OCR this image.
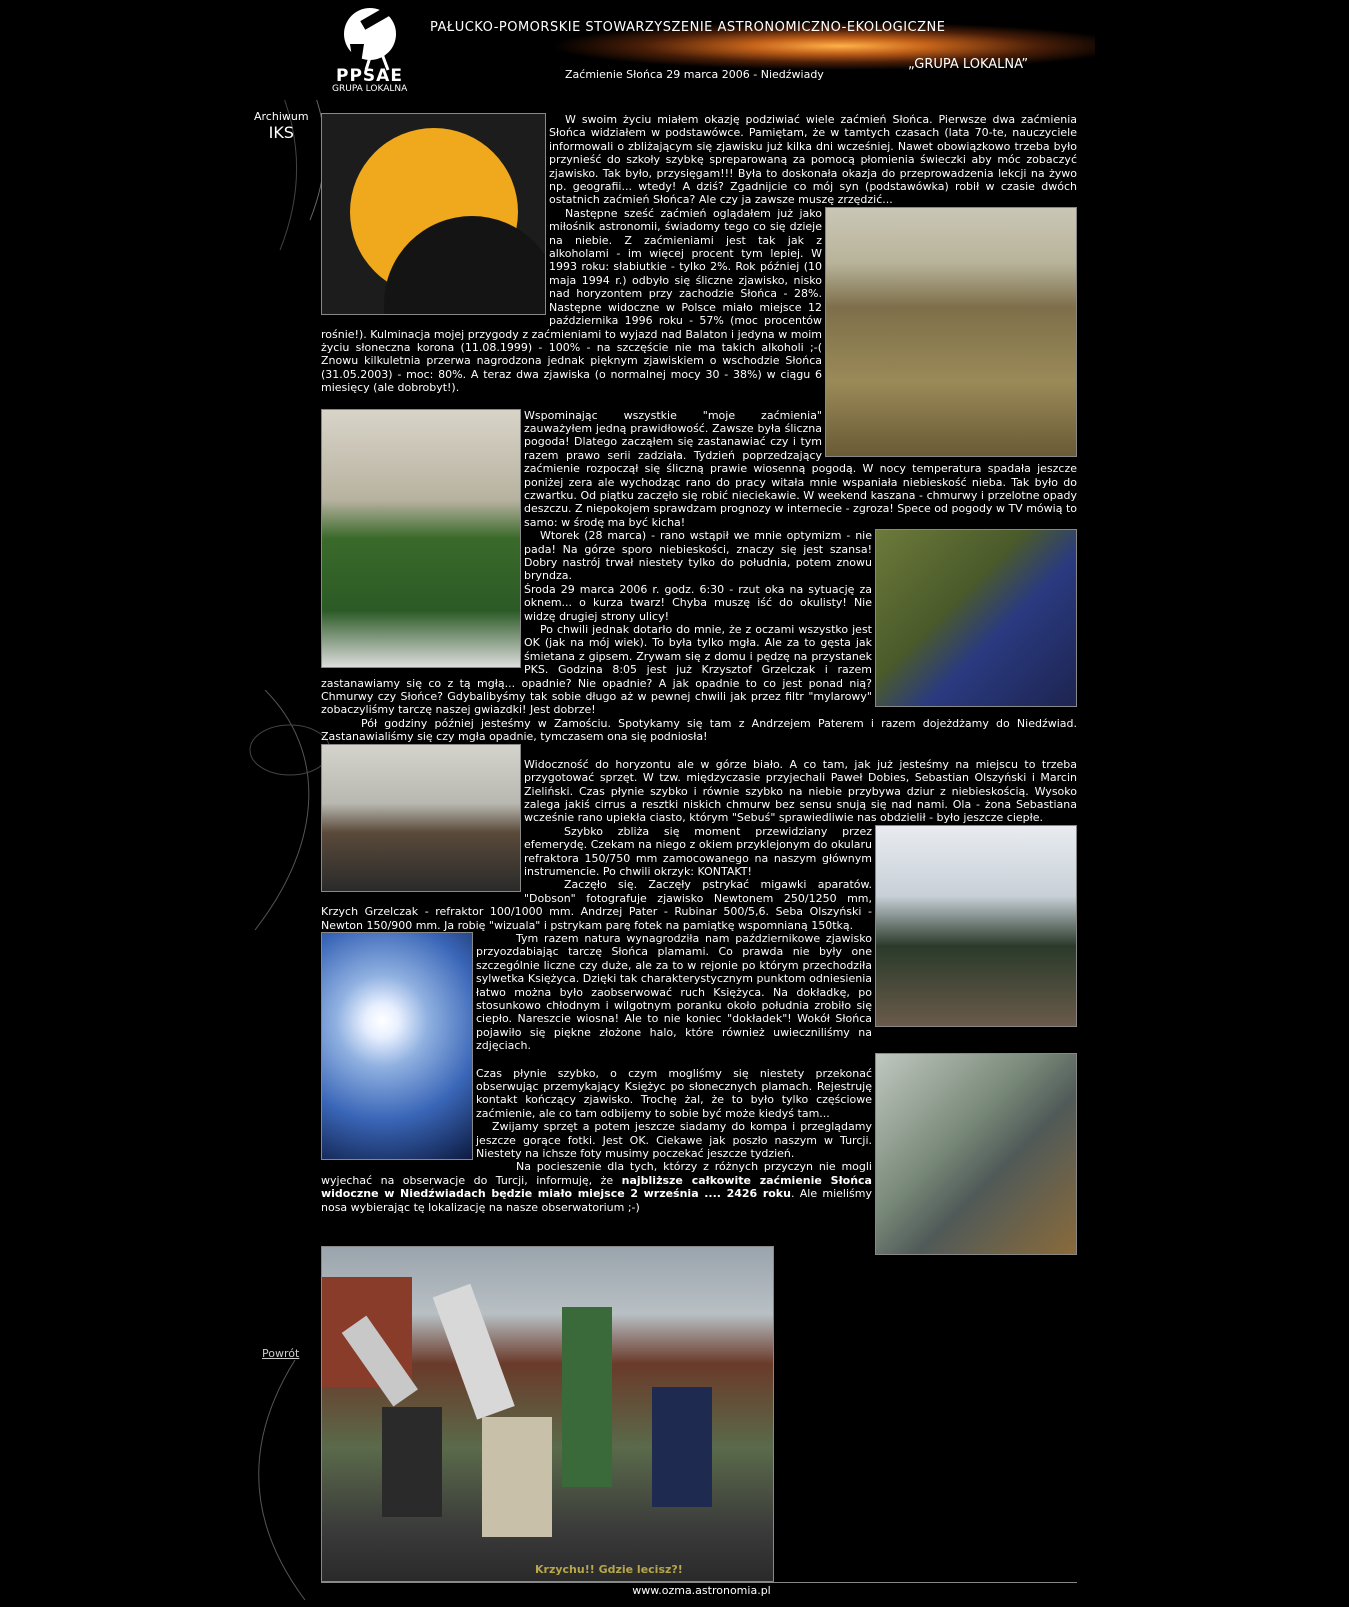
PPSAE
GRUPA LOKALNA
PAŁUCKO-POMORSKIE STOWARZYSZENIE ASTRONOMICZNO-EKOLOGICZNE
„GRUPA LOKALNA”
Zaćmienie Słońca 29 marca 2006 - Niedźwiady
Archiwum
IKS
Powrót

W swoim życiu miałem okazję podziwiać wiele zaćmień Słońca. Pierwsze dwa zaćmienia Słońca widziałem w podstawówce. Pamiętam, że w tamtych czasach (lata 70-te, nauczyciele informowali o zbliżającym się zjawisku już kilka dni wcześniej. Nawet obowiązkowo trzeba było przynieść do szkoły szybkę spreparowaną za pomocą płomienia świeczki aby móc zobaczyć zjawisko. Tak było, przysięgam!!! Była to doskonała okazja do przeprowadzenia lekcji na żywo np. geografii... wtedy! A dziś? Zgadnijcie co mój syn (podstawówka) robił w czasie dwóch ostatnich zaćmień Słońca? Ale czy ja zawsze muszę zrzędzić...

Następne sześć zaćmień oglądałem już jako miłośnik astronomii, świadomy tego co się dzieje na niebie. Z zaćmieniami jest tak jak z alkoholami - im więcej procent tym lepiej. W 1993 roku: słabiutkie - tylko 2%. Rok później (10 maja 1994 r.) odbyło się śliczne zjawisko, nisko nad horyzontem przy zachodzie Słońca - 28%. Następne widoczne w Polsce miało miejsce 12 października 1996 roku - 57% (moc procentów rośnie!). Kulminacja mojej przygody z zaćmieniami to wyjazd nad Balaton i jedyna w moim życiu słoneczna korona (11.08.1999) - 100% - na szczęście nie ma takich alkoholi ;-( Znowu kilkuletnia przerwa nagrodzona jednak pięknym zjawiskiem o wschodzie Słońca (31.05.2003) - moc: 80%. A teraz dwa zjawiska (o normalnej mocy 30 - 38%) w ciągu 6 miesięcy (ale dobrobyt!).

Wspominając wszystkie "moje zaćmienia" zauważyłem jedną prawidłowość. Zawsze była śliczna pogoda! Dlatego zacząłem się zastanawiać czy i tym razem prawo serii zadziała. Tydzień poprzedzający zaćmienie rozpoczął się śliczną prawie wiosenną pogodą. W nocy temperatura spadała jeszcze poniżej zera ale wychodząc rano do pracy witała mnie wspaniała niebieskość nieba. Tak było do czwartku. Od piątku zaczęło się robić nieciekawie. W weekend kaszana - chmurwy i przelotne opady deszczu. Z niepokojem sprawdzam prognozy w internecie - zgroza! Spece od pogody w TV mówią to samo: w środę ma być kicha!

Wtorek (28 marca) - rano wstąpił we mnie optymizm - nie pada! Na górze sporo niebieskości, znaczy się jest szansa! Dobry nastrój trwał niestety tylko do południa, potem znowu bryndza.

Środa 29 marca 2006 r. godz. 6:30 - rzut oka na sytuację za oknem... o kurza twarz! Chyba muszę iść do okulisty! Nie widzę drugiej strony ulicy!

Po chwili jednak dotarło do mnie, że z oczami wszystko jest OK (jak na mój wiek). To była tylko mgła. Ale za to gęsta jak śmietana z gipsem. Zrywam się z domu i pędzę na przystanek PKS. Godzina 8:05 jest już Krzysztof Grzelczak i razem zastanawiamy się co z tą mgłą... opadnie? Nie opadnie? A jak opadnie to co jest ponad nią? Chmurwy czy Słońce? Gdybalibyśmy tak sobie długo aż w pewnej chwili jak przez filtr "mylarowy" zobaczyliśmy tarczę naszej gwiazdki! Jest dobrze!

Pół godziny później jesteśmy w Zamościu. Spotykamy się tam z Andrzejem Paterem i razem dojeżdżamy do Niedźwiad. Zastanawialiśmy się czy mgła opadnie, tymczasem ona się podniosła!

Widoczność do horyzontu ale w górze biało. A co tam, jak już jesteśmy na miejscu to trzeba przygotować sprzęt. W tzw. międzyczasie przyjechali Paweł Dobies, Sebastian Olszyński i Marcin Zieliński. Czas płynie szybko i równie szybko na niebie przybywa dziur z niebieskością. Wysoko zalega jakiś cirrus a resztki niskich chmurw bez sensu snują się nad nami. Ola - żona Sebastiana wcześnie rano upiekła ciasto, którym "Sebuś" sprawiedliwie nas obdzielił - było jeszcze ciepłe.

Szybko zbliża się moment przewidziany przez efemerydę. Czekam na niego z okiem przyklejonym do okularu refraktora 150/750 mm zamocowanego na naszym głównym instrumencie. Po chwili okrzyk: KONTAKT!

Zaczęło się. Zaczęły pstrykać migawki aparatów. "Dobson" fotografuje zjawisko Newtonem 250/1250 mm, Krzych Grzelczak - refraktor 100/1000 mm. Andrzej Pater - Rubinar 500/5,6. Seba Olszyński - Newton 150/900 mm. Ja robię "wizuala" i pstrykam parę fotek na pamiątkę wspomnianą 150tką.

Tym razem natura wynagrodziła nam październikowe zjawisko przyozdabiając tarczę Słońca plamami. Co prawda nie były one szczególnie liczne czy duże, ale za to w rejonie po którym przechodziła sylwetka Księżyca. Dzięki tak charakterystycznym punktom odniesienia łatwo można było zaobserwować ruch Księżyca. Na dokładkę, po stosunkowo chłodnym i wilgotnym poranku około południa zrobiło się ciepło. Nareszcie wiosna! Ale to nie koniec "dokładek"! Wokół Słońca pojawiło się piękne złożone halo, które również uwieczniliśmy na zdjęciach.

Czas płynie szybko, o czym mogliśmy się niestety przekonać obserwując przemykający Księżyc po słonecznych plamach. Rejestruję kontakt kończący zjawisko. Trochę żal, że to było tylko częściowe zaćmienie, ale co tam odbijemy to sobie być może kiedyś tam...

Zwijamy sprzęt a potem jeszcze siadamy do kompa i przeglądamy jeszcze gorące fotki. Jest OK. Ciekawe jak poszło naszym w Turcji. Niestety na ichsze foty musimy poczekać jeszcze tydzień.

Na pocieszenie dla tych, którzy z różnych przyczyn nie mogli wyjechać na obserwacje do Turcji, informuję, że najbliższe całkowite zaćmienie Słońca widoczne w Niedźwiadach będzie miało miejsce 2 września .... 2426 roku. Ale mieliśmy nosa wybierając tę lokalizację na nasze obserwatorium ;-)

Krzychu!! Gdzie lecisz?!
www.ozma.astronomia.pl
